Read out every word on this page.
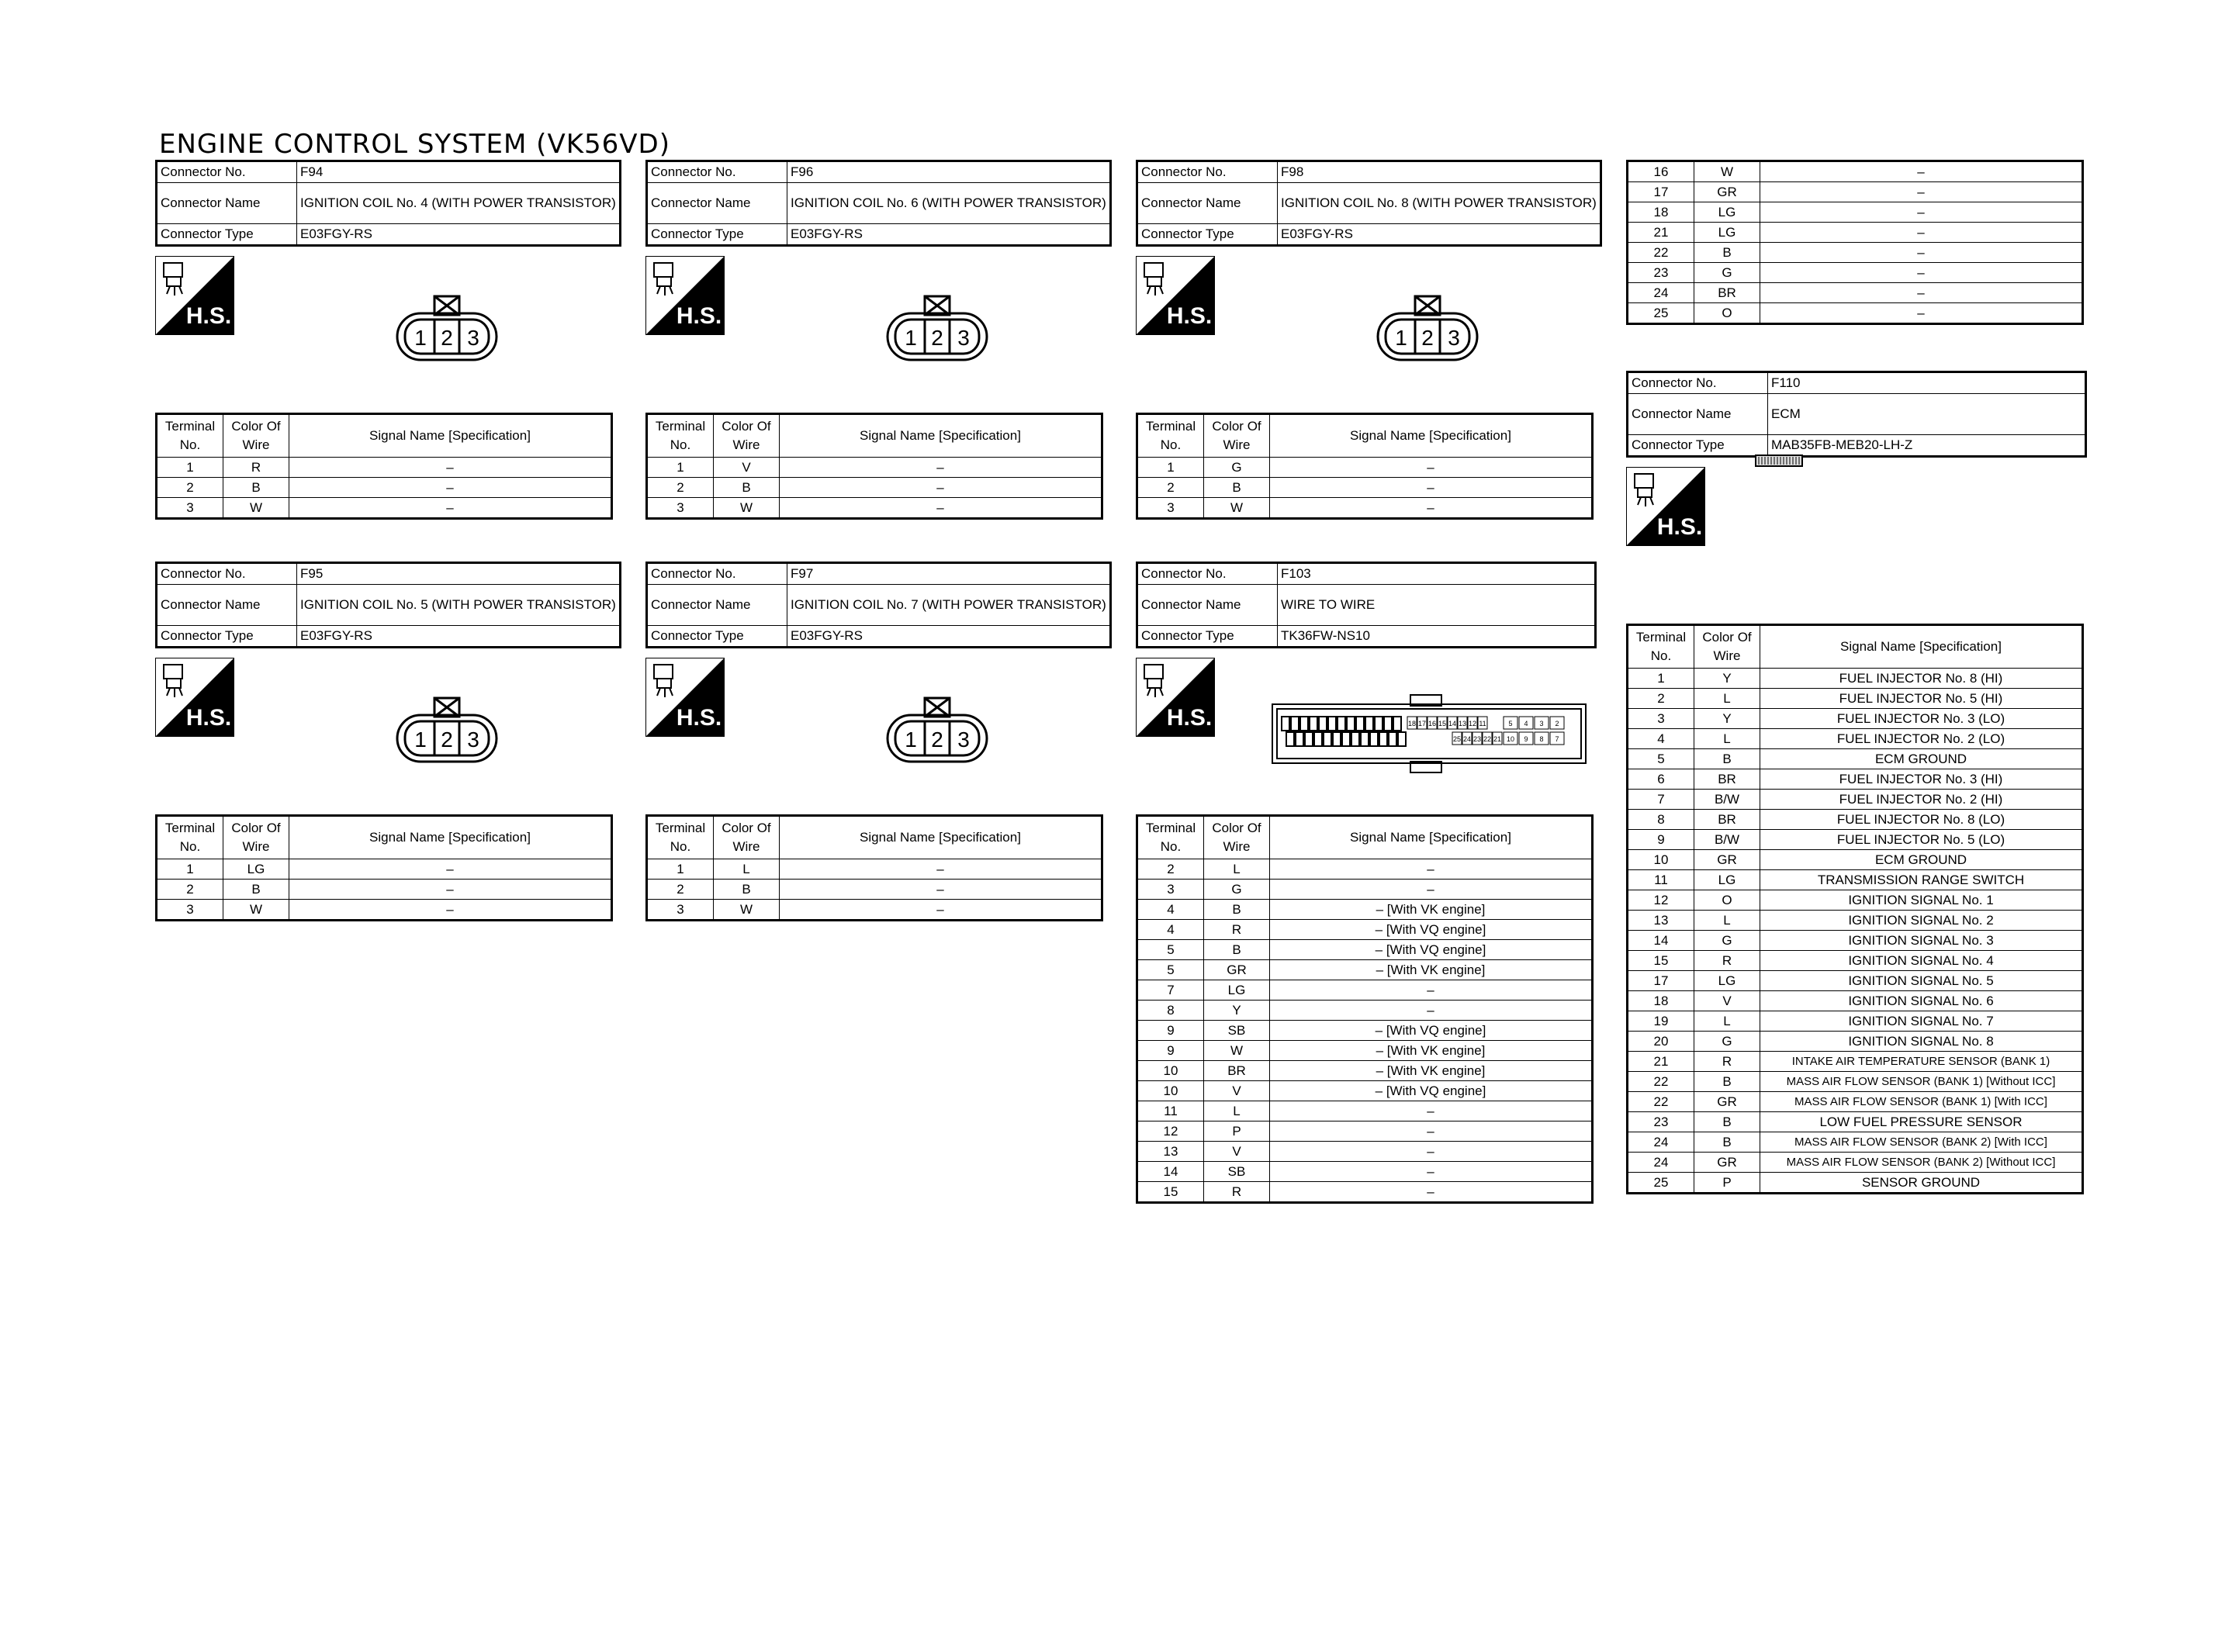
ENGINE CONTROL SYSTEM (VK56VD)
Connector No.	F94
Connector Name	IGNITION COIL No. 4 (WITH POWER TRANSISTOR)
Connector Type	E03FGY-RS
H.S.
1 2 3
Terminal No.	Color Of Wire	Signal Name [Specification]
1	R	–
2	B	–
3	W	–
Connector No.	F96
Connector Name	IGNITION COIL No. 6 (WITH POWER TRANSISTOR)
Connector Type	E03FGY-RS
H.S.
1 2 3
Terminal No.	Color Of Wire	Signal Name [Specification]
1	V	–
2	B	–
3	W	–
Connector No.	F98
Connector Name	IGNITION COIL No. 8 (WITH POWER TRANSISTOR)
Connector Type	E03FGY-RS
H.S.
1 2 3
Terminal No.	Color Of Wire	Signal Name [Specification]
1	G	–
2	B	–
3	W	–
Connector No.	F95
Connector Name	IGNITION COIL No. 5 (WITH POWER TRANSISTOR)
Connector Type	E03FGY-RS
H.S.
1 2 3
Terminal No.	Color Of Wire	Signal Name [Specification]
1	LG	–
2	B	–
3	W	–
Connector No.	F97
Connector Name	IGNITION COIL No. 7 (WITH POWER TRANSISTOR)
Connector Type	E03FGY-RS
H.S.
1 2 3
Terminal No.	Color Of Wire	Signal Name [Specification]
1	L	–
2	B	–
3	W	–
Connector No.	F103
Connector Name	WIRE TO WIRE
Connector Type	TK36FW-NS10
H.S.	18 17 16 15 14 13 12 11
25 24 23 22 21
5 4 3 2
10 9 8 7
Terminal No.	Color Of Wire	Signal Name [Specification]
2	L	–
3	G	–
4	B	– [With VK engine]
4	R	– [With VQ engine]
5	B	– [With VQ engine]
5	GR	– [With VK engine]
7	LG	–
8	Y	–
9	SB	– [With VQ engine]
9	W	– [With VK engine]
10	BR	– [With VK engine]
10	V	– [With VQ engine]
11	L	–
12	P	–
13	V	–
14	SB	–
15	R	–
16	W	–
17	GR	–
18	LG	–
21	LG	–
22	B	–
23	G	–
24	BR	–
25	O	–
Connector No.	F110
Connector Name	ECM
Connector Type	MAB35FB-MEB20-LH-Z
H.S.
Terminal No.	Color Of Wire	Signal Name [Specification]
1	Y	FUEL INJECTOR No. 8 (HI)
2	L	FUEL INJECTOR No. 5 (HI)
3	Y	FUEL INJECTOR No. 3 (LO)
4	L	FUEL INJECTOR No. 2 (LO)
5	B	ECM GROUND
6	BR	FUEL INJECTOR No. 3 (HI)
7	B/W	FUEL INJECTOR No. 2 (HI)
8	BR	FUEL INJECTOR No. 8 (LO)
9	B/W	FUEL INJECTOR No. 5 (LO)
10	GR	ECM GROUND
11	LG	TRANSMISSION RANGE SWITCH
12	O	IGNITION SIGNAL No. 1
13	L	IGNITION SIGNAL No. 2
14	G	IGNITION SIGNAL No. 3
15	R	IGNITION SIGNAL No. 4
17	LG	IGNITION SIGNAL No. 5
18	V	IGNITION SIGNAL No. 6
19	L	IGNITION SIGNAL No. 7
20	G	IGNITION SIGNAL No. 8
21	R	INTAKE AIR TEMPERATURE SENSOR (BANK 1)
22	B	MASS AIR FLOW SENSOR (BANK 1) [Without ICC]
22	GR	MASS AIR FLOW SENSOR (BANK 1) [With ICC]
23	B	LOW FUEL PRESSURE SENSOR
24	B	MASS AIR FLOW SENSOR (BANK 2) [With ICC]
24	GR	MASS AIR FLOW SENSOR (BANK 2) [Without ICC]
25	P	SENSOR GROUND
